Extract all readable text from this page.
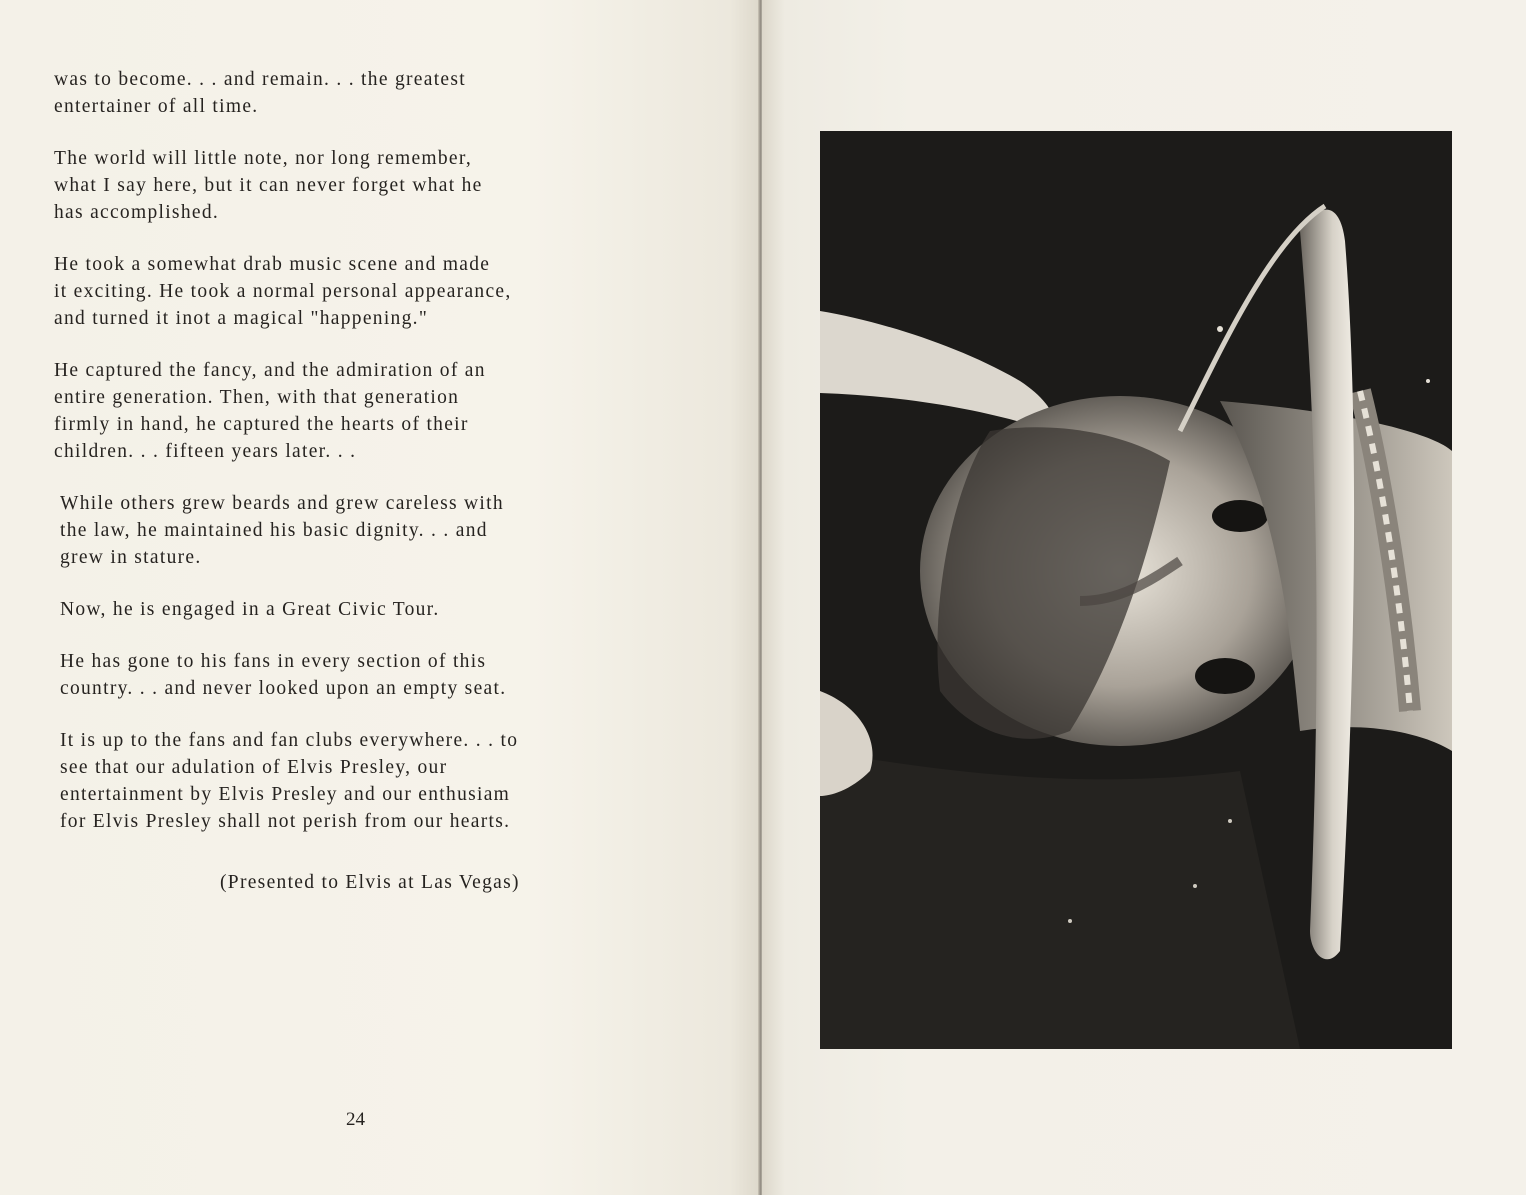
was to become. . . and remain. . . the greatest
entertainer of all time.

The world will little note, nor long remember,
what I say here, but it can never forget what he
has accomplished.

He took a somewhat drab music scene and made
it exciting. He took a normal personal appearance,
and turned it inot a magical "happening."

He captured the fancy, and the admiration of an
entire generation. Then, with that generation
firmly in hand, he captured the hearts of their
children. . . fifteen years later. . .

While others grew beards and grew careless with
the law, he maintained his basic dignity. . . and
grew in stature.

Now, he is engaged in a Great Civic Tour.

He has gone to his fans in every section of this
country. . . and never looked upon an empty seat.

It is up to the fans and fan clubs everywhere. . . to
see that our adulation of Elvis Presley, our
entertainment by Elvis Presley and our enthusiam
for Elvis Presley shall not perish from our hearts.

(Presented to Elvis at Las Vegas)
24
